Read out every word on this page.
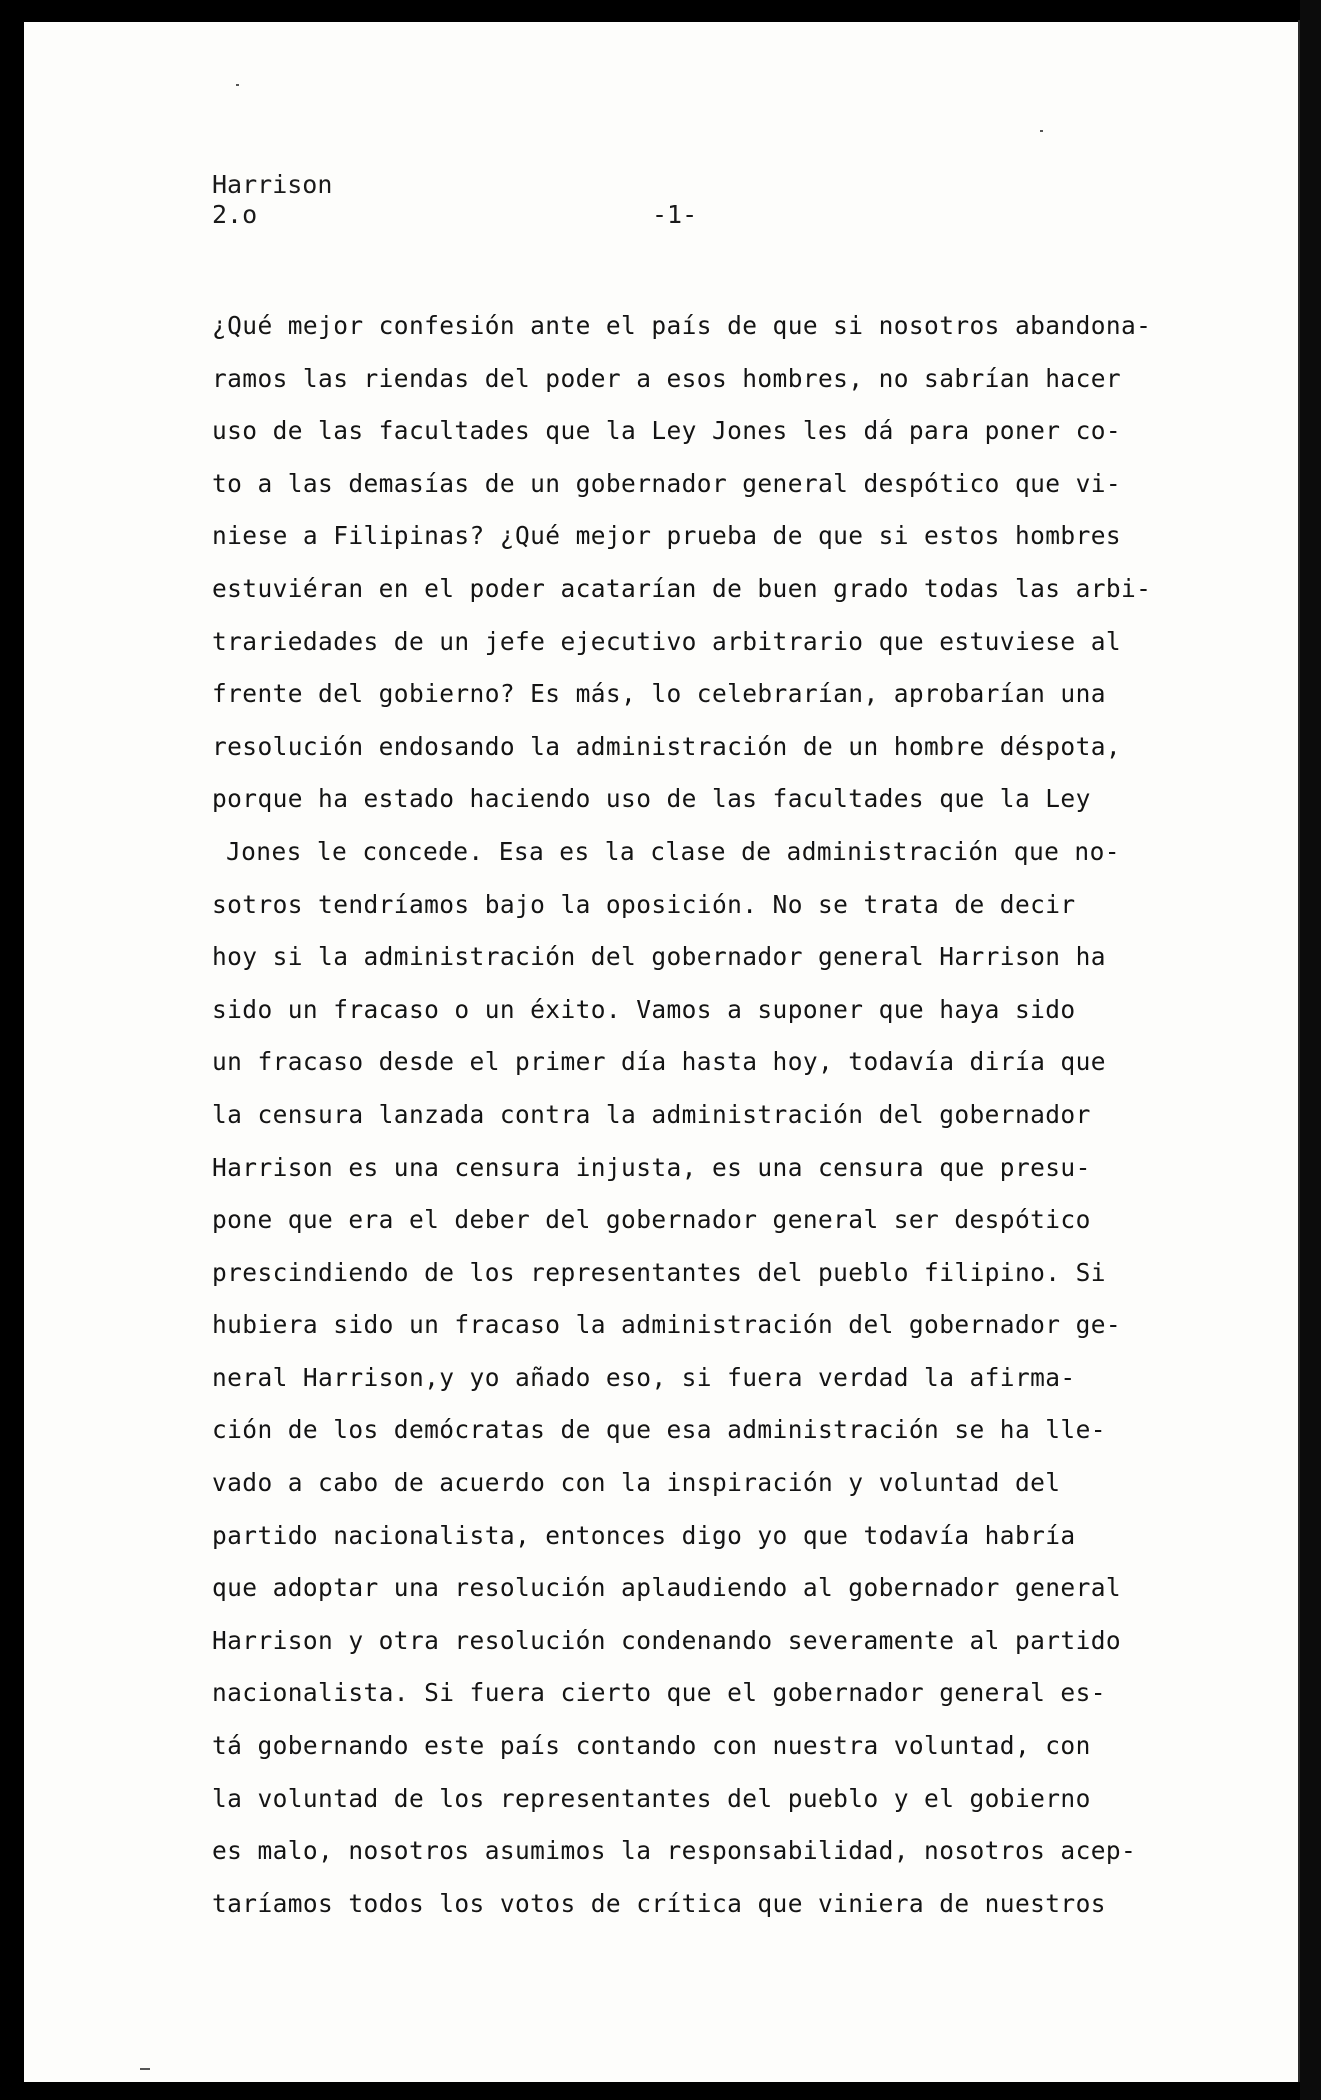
Harrison
2.o	-1-
¿Qué mejor confesión ante el país de que si nosotros abandona-
ramos las riendas del poder a esos hombres, no sabrían hacer
uso de las facultades que la Ley Jones les dá para poner co-
to a las demasías de un gobernador general despótico que vi-
niese a Filipinas? ¿Qué mejor prueba de que si estos hombres
estuviéran en el poder acatarían de buen grado todas las arbi-
trariedades de un jefe ejecutivo arbitrario que estuviese al
frente del gobierno? Es más, lo celebrarían, aprobarían una
resolución endosando la administración de un hombre déspota,
porque ha estado haciendo uso de las facultades que la Ley
Jones le concede. Esa es la clase de administración que no-
sotros tendríamos bajo la oposición. No se trata de decir
hoy si la administración del gobernador general Harrison ha
sido un fracaso o un éxito. Vamos a suponer que haya sido
un fracaso desde el primer día hasta hoy, todavía diría que
la censura lanzada contra la administración del gobernador
Harrison es una censura injusta, es una censura que presu-
pone que era el deber del gobernador general ser despótico
prescindiendo de los representantes del pueblo filipino. Si
hubiera sido un fracaso la administración del gobernador ge-
neral Harrison,y yo añado eso, si fuera verdad la afirma-
ción de los demócratas de que esa administración se ha lle-
vado a cabo de acuerdo con la inspiración y voluntad del
partido nacionalista, entonces digo yo que todavía habría
que adoptar una resolución aplaudiendo al gobernador general
Harrison y otra resolución condenando severamente al partido
nacionalista. Si fuera cierto que el gobernador general es-
tá gobernando este país contando con nuestra voluntad, con
la voluntad de los representantes del pueblo y el gobierno
es malo, nosotros asumimos la responsabilidad, nosotros acep-
taríamos todos los votos de crítica que viniera de nuestros
